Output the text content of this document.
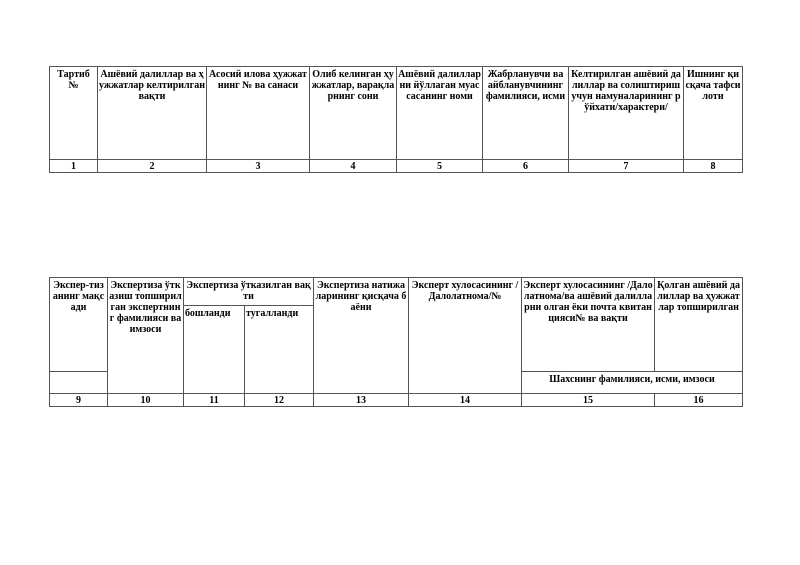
Тартиб №	Ашёвий далиллар ва ҳужжатлар келтирилган вақти	Асосий илова ҳужжатнинг № ва санаси	Олиб келинган ҳужжатлар, варақларнинг сони	Ашёвий далилларни йўллаган муассасанинг номи	Жабрланувчи ва айбланувчининг фамилияси, исми	Келтирилган ашёвий далиллар ва солиштириш учун намуналарининг рўйхати/характери/	Ишнинг қисқача тафсилоти
1	2	3	4	5	6	7	8
Экспер-тизанинг мақсади	Экспертиза ўтказиш топширилган экспертнинг фамилияси ва имзоси	Экспертиза ўтказилган вақти		Экспертиза натижаларининг қисқача баёни	Эксперт хулосасининг /Далолатнома/№	Эксперт хулосасининг /Далолатнома/ва ашёвий далилларни олган ёки почта квитанцияси№ ва вақти	Қолган ашёвий далиллар ва ҳужжатлар топширилган
		бошланди	тугалланди				
						Шахснинг фамилияси, исми, имзоси	
9	10	11	12	13	14	15	16
